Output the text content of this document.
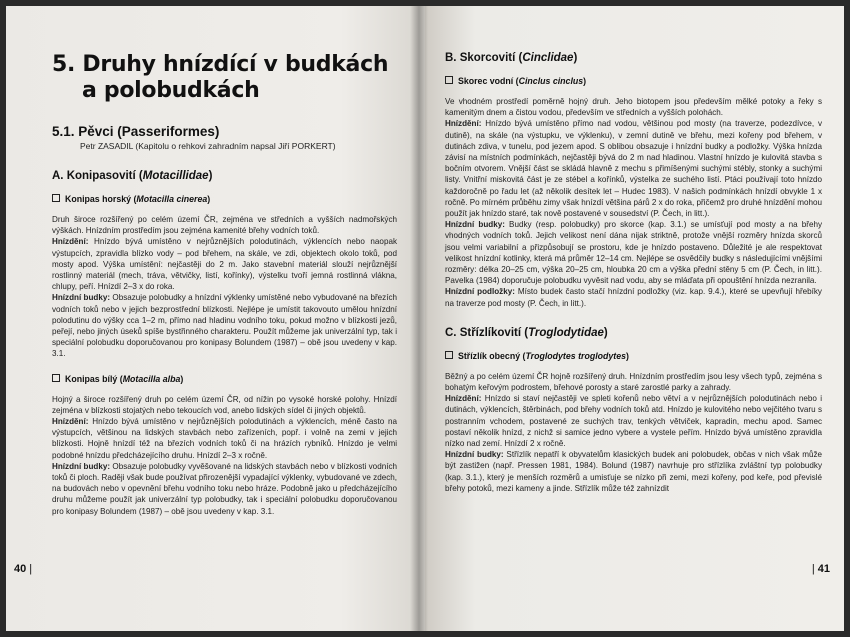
5. Druhy hnízdící v budkách
a polobudkách
5.1. Pěvci (Passeriformes)
Petr ZASADIL (Kapitolu o rehkovi zahradním napsal Jiří PORKERT)
A. Konipasovití (Motacillidae)
Konipas horský (Motacilla cinerea)

Druh široce rozšířený po celém území ČR, zejména ve středních a vyšších nadmořských výškách. Hnízdním prostředím jsou zejména kamenité břehy vodních toků.
Hnízdění: Hnízdo bývá umístěno v nejrůznějších polodutinách, výklencích nebo naopak výstupcích, zpravidla blízko vody – pod břehem, na skále, ve zdi, objektech okolo toků, pod mosty apod. Výška umístění: nejčastěji do 2 m. Jako stavební materiál slouží nejrůznější rostlinný materiál (mech, tráva, větvičky, listí, kořínky), výstelku tvoří jemná rostlinná vlákna, chlupy, peří. Hnízdí 2–3 x do roka.
Hnízdní budky: Obsazuje polobudky a hnízdní výklenky umístěné nebo vybudované na březích vodních toků nebo v jejich bezprostřední blízkosti. Nejlépe je umístit takovouto umělou hnízdní polodutinu do výšky cca 1–2 m, přímo nad hladinu vodního toku, pokud možno v blízkosti jezů, peřejí, nebo jiných úseků spíše bystřinného charakteru. Použít můžeme jak univerzální typ, tak i speciální polobudku doporučovanou pro konipasy Bolundem (1987) – obě jsou uvedeny v kap. 3.1.

Konipas bílý (Motacilla alba)

Hojný a široce rozšířený druh po celém území ČR, od nížin po vysoké horské polohy. Hnízdí zejména v blízkosti stojatých nebo tekoucích vod, anebo lidských sídel či jiných objektů.
Hnízdění: Hnízdo bývá umístěno v nejrůznějších polodutinách a výklencích, méně často na výstupcích, většinou na lidských stavbách nebo zařízeních, popř. i volně na zemi v jejich blízkosti. Hojně hnízdí též na březích vodních toků či na hrázích rybníků. Hnízdo je velmi podobné hnízdu předcházejícího druhu. Hnízdí 2–3 x ročně.
Hnízdní budky: Obsazuje polobudky vyvěšované na lidských stavbách nebo v blízkosti vodních toků či ploch. Raději však bude používat přirozenější vypadající výklenky, vybudované ve zdech, na budovách nebo v opevnění břehu vodního toku nebo hráze. Podobně jako u předcházejícího druhu můžeme použít jak univerzální typ polobudky, tak i speciální polobudku doporučovanou pro konipasy Bolundem (1987) – obě jsou uvedeny v kap. 3.1.

40 |
B. Skorcovití (Cinclidae)
Skorec vodní (Cinclus cinclus)

Ve vhodném prostředí poměrně hojný druh. Jeho biotopem jsou především mělké potoky a řeky s kamenitým dnem a čistou vodou, především ve středních a vyšších polohách.
Hnízdění: Hnízdo bývá umístěno přímo nad vodou, většinou pod mosty (na traverze, podezdívce, v dutině), na skále (na výstupku, ve výklenku), v zemní dutině ve břehu, mezi kořeny pod břehem, v dutinách zdiva, v tunelu, pod jezem apod. S oblibou obsazuje i hnízdní budky a podložky. Výška hnízda závisí na místních podmínkách, nejčastěji bývá do 2 m nad hladinou. Vlastní hnízdo je kulovitá stavba s bočním otvorem. Vnější část se skládá hlavně z mechu s přimíšenými suchými stébly, stonky a suchými listy. Vnitřní miskovitá část je ze stébel a kořínků, výstelka ze suchého listí. Ptáci používají toto hnízdo každoročně po řadu let (až několik desítek let – Hudec 1983). V našich podmínkách hnízdí obvykle 1 x ročně. Po mírném průběhu zimy však hnízdí většina párů 2 x do roka, přičemž pro druhé hnízdění mohou použít jak hnízdo staré, tak nově postavené v sousedství (P. Čech, in litt.).
Hnízdní budky: Budky (resp. polobudky) pro skorce (kap. 3.1.) se umísťují pod mosty a na břehy vhodných vodních toků. Jejich velikost není dána nijak striktně, protože vnější rozměry hnízda skorců jsou velmi variabilní a přizpůsobují se prostoru, kde je hnízdo postaveno. Důležité je ale respektovat velikost hnízdní kotlinky, která má průměr 12–14 cm. Nejlépe se osvědčily budky s následujícími vnějšími rozměry: délka 20–25 cm, výška 20–25 cm, hloubka 20 cm a výška přední stěny 5 cm (P. Čech, in litt.). Pavelka (1984) doporučuje polobudku vyvěsit nad vodu, aby se mláďata při opouštění hnízda nezranila.
Hnízdní podložky: Místo budek často stačí hnízdní podložky (viz. kap. 9.4.), které se upevňují hřebíky na traverze pod mosty (P. Čech, in litt.).

C. Střízlíkovití (Troglodytidae)
Střízlík obecný (Troglodytes troglodytes)

Běžný a po celém území ČR hojně rozšířený druh. Hnízdním prostředím jsou lesy všech typů, zejména s bohatým keřovým podrostem, břehové porosty a staré zarostlé parky a zahrady.
Hnízdění: Hnízdo si staví nejčastěji ve spleti kořenů nebo větví a v nejrůznějších polodutinách nebo i dutinách, výklencích, štěrbinách, pod břehy vodních toků atd. Hnízdo je kulovitého nebo vejčitého tvaru s postranním vchodem, postavené ze suchých trav, tenkých větviček, kapradin, mechu apod. Samec postaví několik hnízd, z nichž si samice jedno vybere a vystele peřím. Hnízdo bývá umístěno zpravidla nízko nad zemí. Hnízdí 2 x ročně.
Hnízdní budky: Střízlík nepatří k obyvatelům klasických budek ani polobudek, občas v nich však může být zastižen (např. Pressen 1981, 1984). Bolund (1987) navrhuje pro střízlíka zvláštní typ polobudky (kap. 3.1.), který je menších rozměrů a umisťuje se nízko při zemi, mezi kořeny, pod keře, pod převislé břehy potoků, mezi kameny a jinde. Střízlík může též zahnízdit

| 41
